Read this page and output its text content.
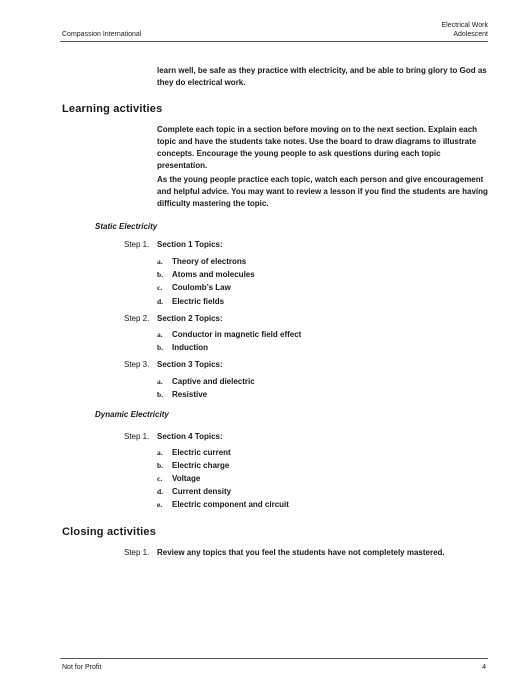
Compassion International
Electrical Work
Adolescent
learn well, be safe as they practice with electricity, and be able to bring glory to God as they do electrical work.
Learning activities
Complete each topic in a section before moving on to the next section. Explain each topic and have the students take notes. Use the board to draw diagrams to illustrate concepts. Encourage the young people to ask questions during each topic presentation.
As the young people practice each topic, watch each person and give encouragement and helpful advice. You may want to review a lesson if you find the students are having difficulty mastering the topic.
Static Electricity
Step 1. Section 1 Topics:
a. Theory of electrons
b. Atoms and molecules
c. Coulomb’s Law
d. Electric fields
Step 2. Section 2 Topics:
a. Conductor in magnetic field effect
b. Induction
Step 3. Section 3 Topics:
a. Captive and dielectric
b. Resistive
Dynamic Electricity
Step 1. Section 4 Topics:
a. Electric current
b. Electric charge
c. Voltage
d. Current density
e. Electric component and circuit
Closing activities
Step 1. Review any topics that you feel the students have not completely mastered.
Not for Profit	4
